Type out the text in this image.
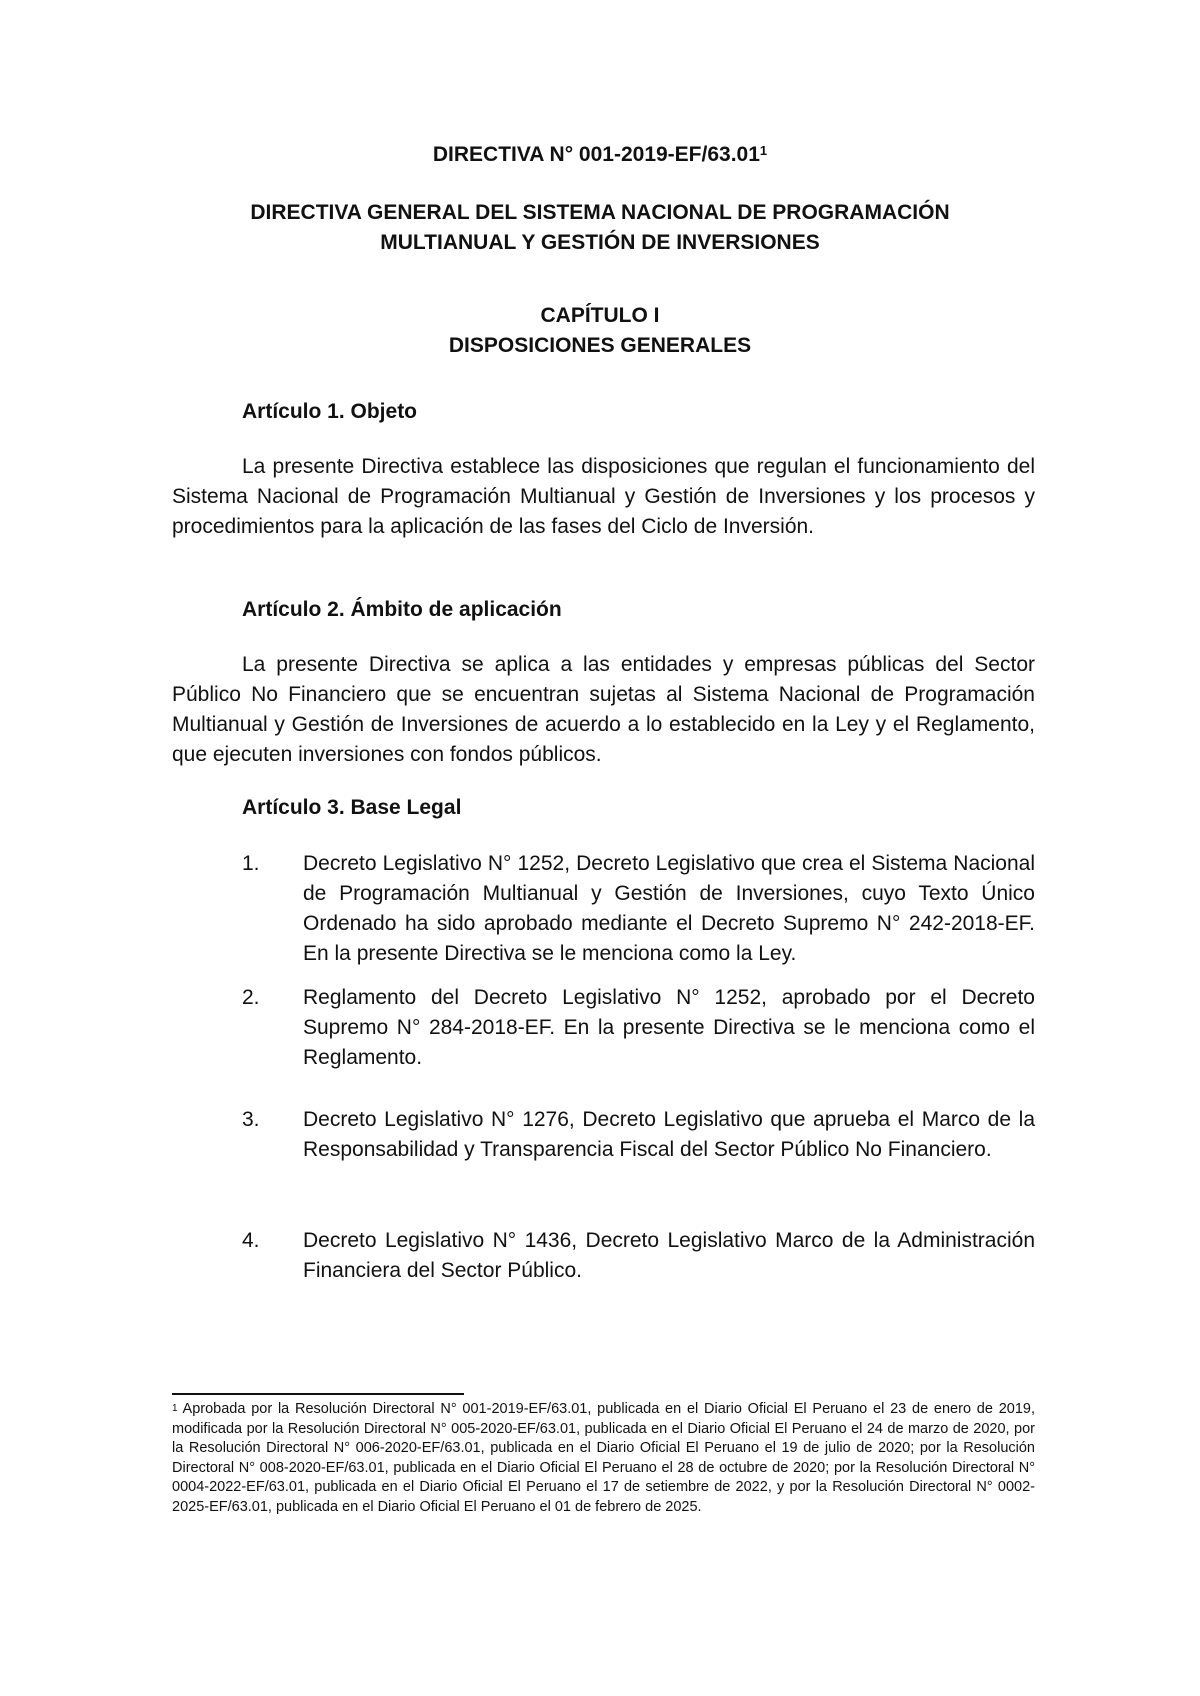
DIRECTIVA N° 001-2019-EF/63.01$^1$
DIRECTIVA GENERAL DEL SISTEMA NACIONAL DE PROGRAMACIÓN
MULTIANUAL Y GESTIÓN DE INVERSIONES
CAPÍTULO I
DISPOSICIONES GENERALES
Artículo 1. Objeto
La presente Directiva establece las disposiciones que regulan el funcionamiento del Sistema Nacional de Programación Multianual y Gestión de Inversiones y los procesos y procedimientos para la aplicación de las fases del Ciclo de Inversión.
Artículo 2. Ámbito de aplicación
La presente Directiva se aplica a las entidades y empresas públicas del Sector Público No Financiero que se encuentran sujetas al Sistema Nacional de Programación Multianual y Gestión de Inversiones de acuerdo a lo establecido en la Ley y el Reglamento, que ejecuten inversiones con fondos públicos.
Artículo 3. Base Legal
1. Decreto Legislativo N° 1252, Decreto Legislativo que crea el Sistema Nacional de Programación Multianual y Gestión de Inversiones, cuyo Texto Único Ordenado ha sido aprobado mediante el Decreto Supremo N° 242-2018-EF. En la presente Directiva se le menciona como la Ley.
2. Reglamento del Decreto Legislativo N° 1252, aprobado por el Decreto Supremo N° 284-2018-EF. En la presente Directiva se le menciona como el Reglamento.
3. Decreto Legislativo N° 1276, Decreto Legislativo que aprueba el Marco de la Responsabilidad y Transparencia Fiscal del Sector Público No Financiero.
4. Decreto Legislativo N° 1436, Decreto Legislativo Marco de la Administración Financiera del Sector Público.
$^1$ Aprobada por la Resolución Directoral N° 001-2019-EF/63.01, publicada en el Diario Oficial El Peruano el 23 de enero de 2019, modificada por la Resolución Directoral N° 005-2020-EF/63.01, publicada en el Diario Oficial El Peruano el 24 de marzo de 2020, por la Resolución Directoral N° 006-2020-EF/63.01, publicada en el Diario Oficial El Peruano el 19 de julio de 2020; por la Resolución Directoral N° 008-2020-EF/63.01, publicada en el Diario Oficial El Peruano el 28 de octubre de 2020; por la Resolución Directoral N° 0004-2022-EF/63.01, publicada en el Diario Oficial El Peruano el 17 de setiembre de 2022, y por la Resolución Directoral N° 0002-2025-EF/63.01, publicada en el Diario Oficial El Peruano el 01 de febrero de 2025.
